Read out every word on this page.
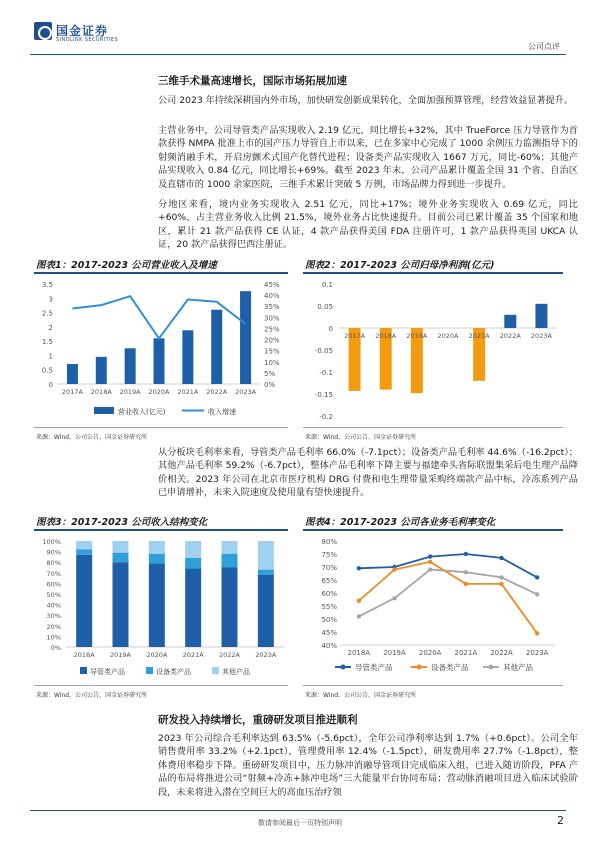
国金证券
SINOLINK SECURITIES
公司点评
三维手术量高速增长，国际市场拓展加速
公司 2023 年持续深耕国内外市场，加快研发创新成果转化，全面加强预算管理，经营效益显著提升。
主营业务中，公司导管类产品实现收入 2.19 亿元，同比增长+32%，其中 TrueForce 压力导管作为首款获得 NMPA 批准上市的国产压力导管自上市以来，已在多家中心完成了 1000 余例压力监测指导下的射频消融手术，开启房颤术式国产化替代进程；设备类产品实现收入 1667 万元，同比-60%；其他产品实现收入 0.84 亿元，同比增长+69%。截至 2023 年末，公司产品累计覆盖全国 31 个省、自治区及直辖市的 1000 余家医院，三维手术累计突破 5 万例，市场品牌力得到进一步提升。
分地区来看，境内业务实现收入 2.51 亿元，同比+17%；境外业务实现收入 0.69 亿元，同比+60%，占主营业务收入比例 21.5%，境外业务占比快速提升。目前公司已累计覆盖 35 个国家和地区，累计 21 款产品获得 CE 认证，4 款产品获得美国 FDA 注册许可，1 款产品获得英国 UKCA 认证，20 款产品获得巴西注册证。
图表1：2017-2023 公司营业收入及增速
0
0.5
1
1.5
2
2.5
3
3.5
0%
5%
10%
15%
20%
25%
30%
35%
40%
45%
2017A 2018A 2019A 2020A 2021A 2022A 2023A
营业收入(亿元)	收入增速
来源：Wind，公司公告，国金证券研究所
图表2：2017-2023 公司归母净利润(亿元)
0.1
0.05
0
-0.05
-0.1
-0.15
-0.2
2017A 2018A 2019A 2020A 2021A 2022A 2023A
来源：Wind，公司公告，国金证券研究所
从分板块毛利率来看，导管类产品毛利率 66.0%（-7.1pct）；设备类产品毛利率 44.6%（-16.2pct）；其他产品毛利率 59.2%（-6.7pct），整体产品毛利率下降主要与福建牵头省际联盟集采后电生理产品降价相关。2023 年公司在北京市医疗机构 DRG 付费和电生理带量采购终端款产品中标，冷冻系列产品已申请增补，未来入院速度及使用量有望快速提升。
图表3：2017-2023 公司收入结构变化
0%
10%
20%
30%
40%
50%
60%
70%
80%
90%
100%
2018A 2019A 2020A 2021A 2022A 2023A
导管类产品	设备类产品	其他产品
来源：Wind，公司公告，国金证券研究所
图表4：2017-2023 公司各业务毛利率变化
40%
45%
50%
55%
60%
65%
70%
75%
80%
2018A 2019A 2020A 2021A 2022A 2023A
导管类产品	设备类产品	其他产品
来源：Wind，公司公告，国金证券研究所
研发投入持续增长，重磅研发项目推进顺利
2023 年公司综合毛利率达到 63.5%（-5.6pct），全年公司净利率达到 1.7%（+0.6pct）。公司全年销售费用率 33.2%（+2.1pct），管理费用率 12.4%（-1.5pct），研发费用率 27.7%（-1.8pct），整体费用率稳步下降。重磅研发项目中，压力脉冲消融导管项目完成临床入组，已进入随访阶段，PFA 产品的布局将推进公司“射频+冷冻+脉冲电场”三大能量平台协同布局；营动脉消融项目进入临床试验阶段，未来将进入潜在空间巨大的高血压治疗领
敬请参阅最后一页特别声明	2
